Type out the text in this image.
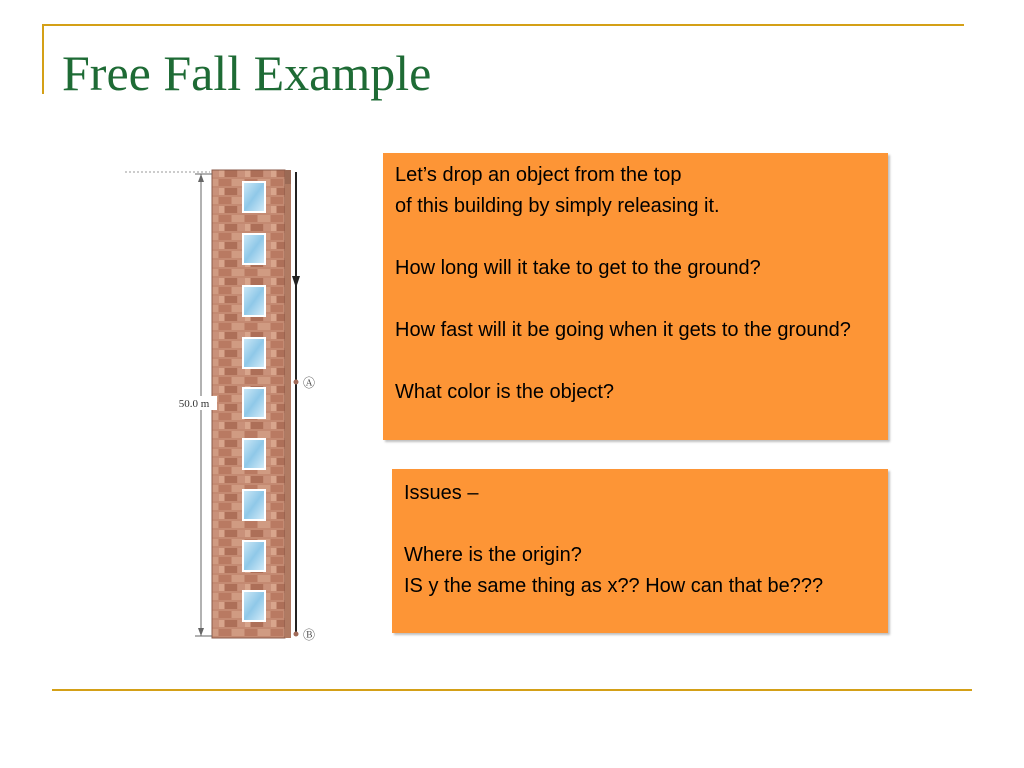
Free Fall Example
50.0 m
Ⓐ
Ⓑ

Let’s drop an object from the top

of this building by simply releasing it.

How long will it take to get to the ground?

How fast will it be going when it gets to the ground?

What color is the object?

Issues –

Where is the origin?

IS y the same thing as x?? How can that be???
